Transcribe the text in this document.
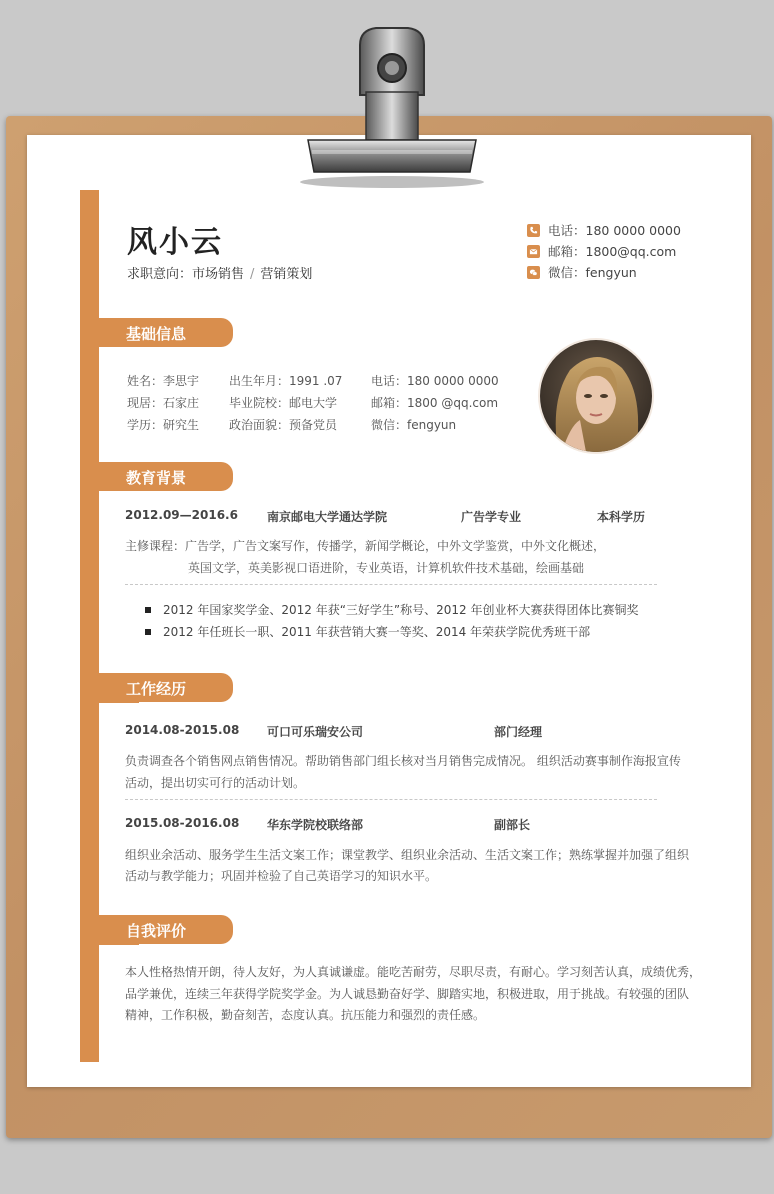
风小云
求职意向：市场销售 / 营销策划
电话：180 0000 0000
邮箱：1800@qq.com
微信：fengyun
基础信息
姓名：李思宇 出生年月：1991 .07 电话：180 0000 0000
现居：石家庄 毕业院校：邮电大学	邮箱：1800 @qq.com
学历：研究生 政治面貌：预备党员	微信：fengyun
教育背景
2012.09—2016.6 南京邮电大学通达学院	广告学专业	本科学历
主修课程：广告学，广告文案写作，传播学，新闻学概论，中外文学鉴赏，中外文化概述，
英国文学，英美影视口语进阶，专业英语，计算机软件技术基础，绘画基础
2012 年国家奖学金、2012 年获“三好学生”称号、2012 年创业杯大赛获得团体比赛铜奖
2012 年任班长一职、2011 年获营销大赛一等奖、2014 年荣获学院优秀班干部
工作经历
2014.08-2015.08 可口可乐瑞安公司	部门经理
负责调查各个销售网点销售情况。帮助销售部门组长核对当月销售完成情况。 组织活动赛事制作海报宣传
活动，提出切实可行的活动计划。
2015.08-2016.08 华东学院校联络部	副部长
组织业余活动、服务学生生活文案工作；课堂教学、组织业余活动、生活文案工作；熟练掌握并加强了组织
活动与教学能力；巩固并检验了自己英语学习的知识水平。
自我评价
本人性格热情开朗，待人友好，为人真诚谦虚。能吃苦耐劳，尽职尽责，有耐心。学习刻苦认真，成绩优秀，
品学兼优，连续三年获得学院奖学金。为人诚恳勤奋好学、脚踏实地，积极进取，用于挑战。有较强的团队
精神，工作积极，勤奋刻苦，态度认真。抗压能力和强烈的责任感。
